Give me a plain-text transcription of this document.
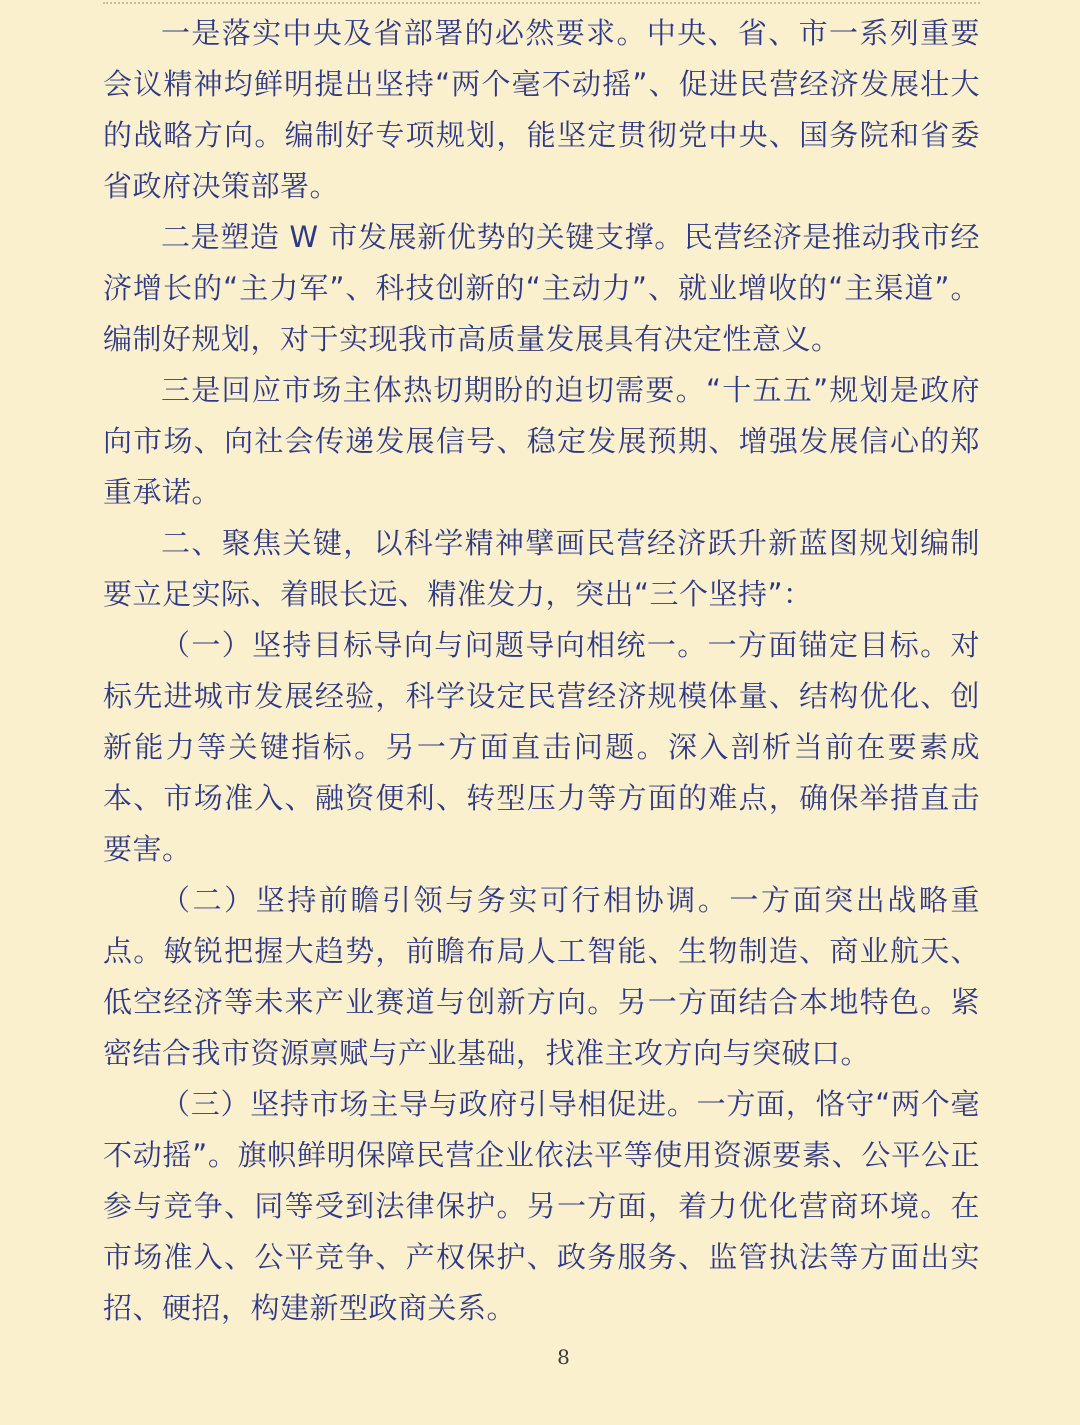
一是落实中央及省部署的必然要求。中央、省、市一系列重要会议精神均鲜明提出坚持“两个毫不动摇”、促进民营经济发展壮大的战略方向。编制好专项规划，能坚定贯彻党中央、国务院和省委省政府决策部署。

二是塑造 W 市发展新优势的关键支撑。民营经济是推动我市经济增长的“主力军”、科技创新的“主动力”、就业增收的“主渠道”。编制好规划，对于实现我市高质量发展具有决定性意义。

三是回应市场主体热切期盼的迫切需要。“十五五”规划是政府向市场、向社会传递发展信号、稳定发展预期、增强发展信心的郑重承诺。

二、聚焦关键，以科学精神擘画民营经济跃升新蓝图规划编制要立足实际、着眼长远、精准发力，突出“三个坚持”：

（一）坚持目标导向与问题导向相统一。一方面锚定目标。对标先进城市发展经验，科学设定民营经济规模体量、结构优化、创新能力等关键指标。另一方面直击问题。深入剖析当前在要素成本、市场准入、融资便利、转型压力等方面的难点，确保举措直击要害。

（二）坚持前瞻引领与务实可行相协调。一方面突出战略重点。敏锐把握大趋势，前瞻布局人工智能、生物制造、商业航天、低空经济等未来产业赛道与创新方向。另一方面结合本地特色。紧密结合我市资源禀赋与产业基础，找准主攻方向与突破口。

（三）坚持市场主导与政府引导相促进。一方面，恪守“两个毫不动摇”。旗帜鲜明保障民营企业依法平等使用资源要素、公平公正参与竞争、同等受到法律保护。另一方面，着力优化营商环境。在市场准入、公平竞争、产权保护、政务服务、监管执法等方面出实招、硬招，构建新型政商关系。

8
